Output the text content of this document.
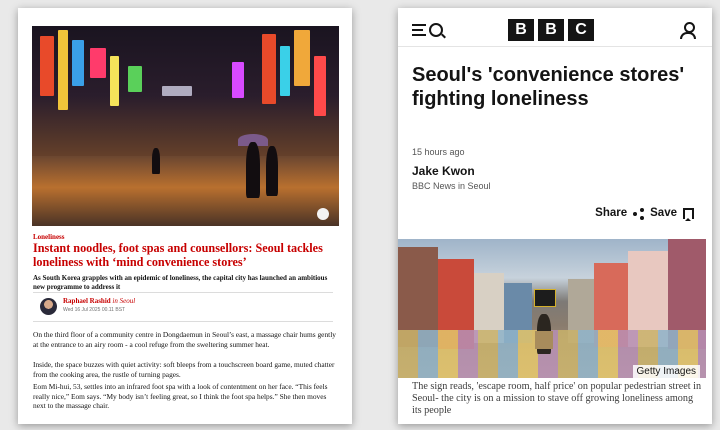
Loneliness
Instant noodles, foot spas and counsellors: Seoul tackles loneliness with ‘mind convenience stores’
As South Korea grapples with an epidemic of loneliness, the capital city has launched an ambitious new programme to address it
Raphael Rashid in Seoul
Wed 16 Jul 2025 00.11 BST
On the third floor of a community centre in Dongdaemun in Seoul’s east, a massage chair hums gently at the entrance to an airy room - a cool refuge from the sweltering summer heat.
Inside, the space buzzes with quiet activity: soft bleeps from a touchscreen board game, muted chatter from the cooking area, the rustle of turning pages.
Eom Mi-hui, 53, settles into an infrared foot spa with a look of contentment on her face. “This feels really nice,” Eom says. “My body isn’t feeling great, so I think the foot spa helps.” She then moves next to the massage chair.
B	B	C
Seoul's 'convenience stores' fighting loneliness
15 hours ago
Jake Kwon
BBC News in Seoul
Share Save
Getty Images
The sign reads, 'escape room, half price' on popular pedestrian street in Seoul- the city is on a mission to stave off growing loneliness among its people
